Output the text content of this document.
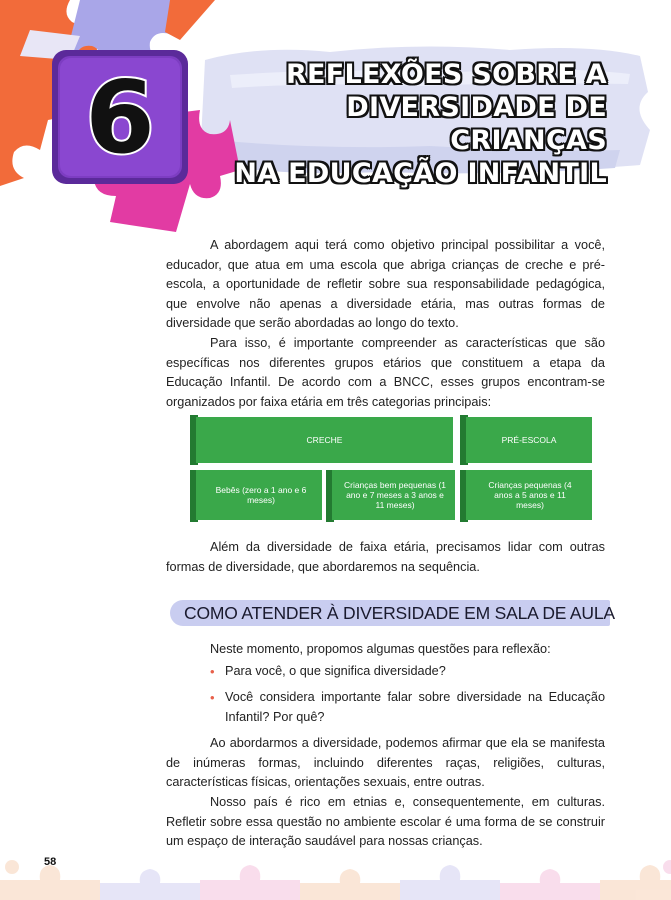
6	REFLEXÕES SOBRE A
DIVERSIDADE DE CRIANÇAS
NA EDUCAÇÃO INFANTIL

A abordagem aqui terá como objetivo principal possibilitar a você, educador, que atua em uma escola que abriga crianças de creche e pré-escola, a oportunidade de refletir sobre sua responsabilidade pedagógica, que envolve não apenas a diversidade etária, mas outras formas de diversidade que serão abordadas ao longo do texto.

Para isso, é importante compreender as características que são específicas nos diferentes grupos etários que constituem a etapa da Educação Infantil. De acordo com a BNCC, esses grupos encontram-se organizados por faixa etária em três categorias principais:

CRECHE	PRÉ-ESCOLA
Bebês (zero a 1 ano e 6 meses)
Crianças bem pequenas (1 ano e 7 meses a 3 anos e 11 meses)
Crianças pequenas (4 anos a 5 anos e 11 meses)

Além da diversidade de faixa etária, precisamos lidar com outras formas de diversidade, que abordaremos na sequência.

COMO ATENDER À DIVERSIDADE EM SALA DE AULA

Neste momento, propomos algumas questões para reflexão:

• Para você, o que significa diversidade?
• Você considera importante falar sobre diversidade na Educação Infantil? Por quê?

Ao abordarmos a diversidade, podemos afirmar que ela se manifesta de inúmeras formas, incluindo diferentes raças, religiões, culturas, características físicas, orientações sexuais, entre outras.

Nosso país é rico em etnias e, consequentemente, em culturas. Refletir sobre essa questão no ambiente escolar é uma forma de se construir um espaço de interação saudável para nossas crianças.

58
